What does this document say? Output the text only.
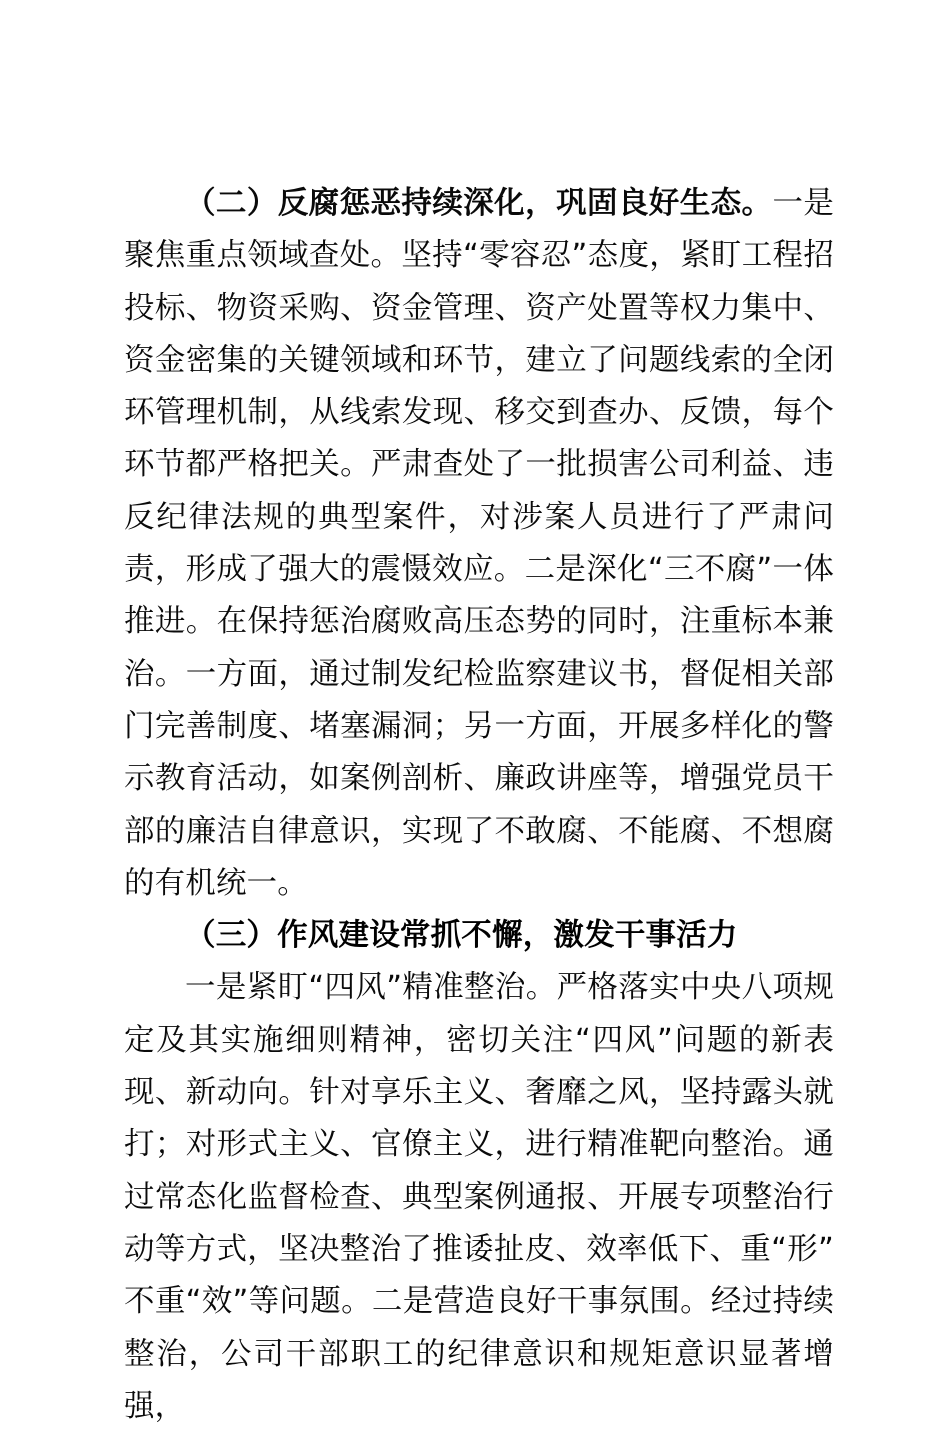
（二）反腐惩恶持续深化，巩固良好生态。一是聚焦重点领域查处。坚持“零容忍”态度，紧盯工程招投标、物资采购、资金管理、资产处置等权力集中、资金密集的关键领域和环节，建立了问题线索的全闭环管理机制，从线索发现、移交到查办、反馈，每个环节都严格把关。严肃查处了一批损害公司利益、违反纪律法规的典型案件，对涉案人员进行了严肃问责，形成了强大的震慑效应。二是深化“三不腐”一体推进。在保持惩治腐败高压态势的同时，注重标本兼治。一方面，通过制发纪检监察建议书，督促相关部门完善制度、堵塞漏洞；另一方面，开展多样化的警示教育活动，如案例剖析、廉政讲座等，增强党员干部的廉洁自律意识，实现了不敢腐、不能腐、不想腐的有机统一。

（三）作风建设常抓不懈，激发干事活力

一是紧盯“四风”精准整治。严格落实中央八项规定及其实施细则精神，密切关注“四风”问题的新表现、新动向。针对享乐主义、奢靡之风，坚持露头就打；对形式主义、官僚主义，进行精准靶向整治。通过常态化监督检查、典型案例通报、开展专项整治行动等方式，坚决整治了推诿扯皮、效率低下、重“形”不重“效”等问题。二是营造良好干事氛围。经过持续整治，公司干部职工的纪律意识和规矩意识显著增强，
